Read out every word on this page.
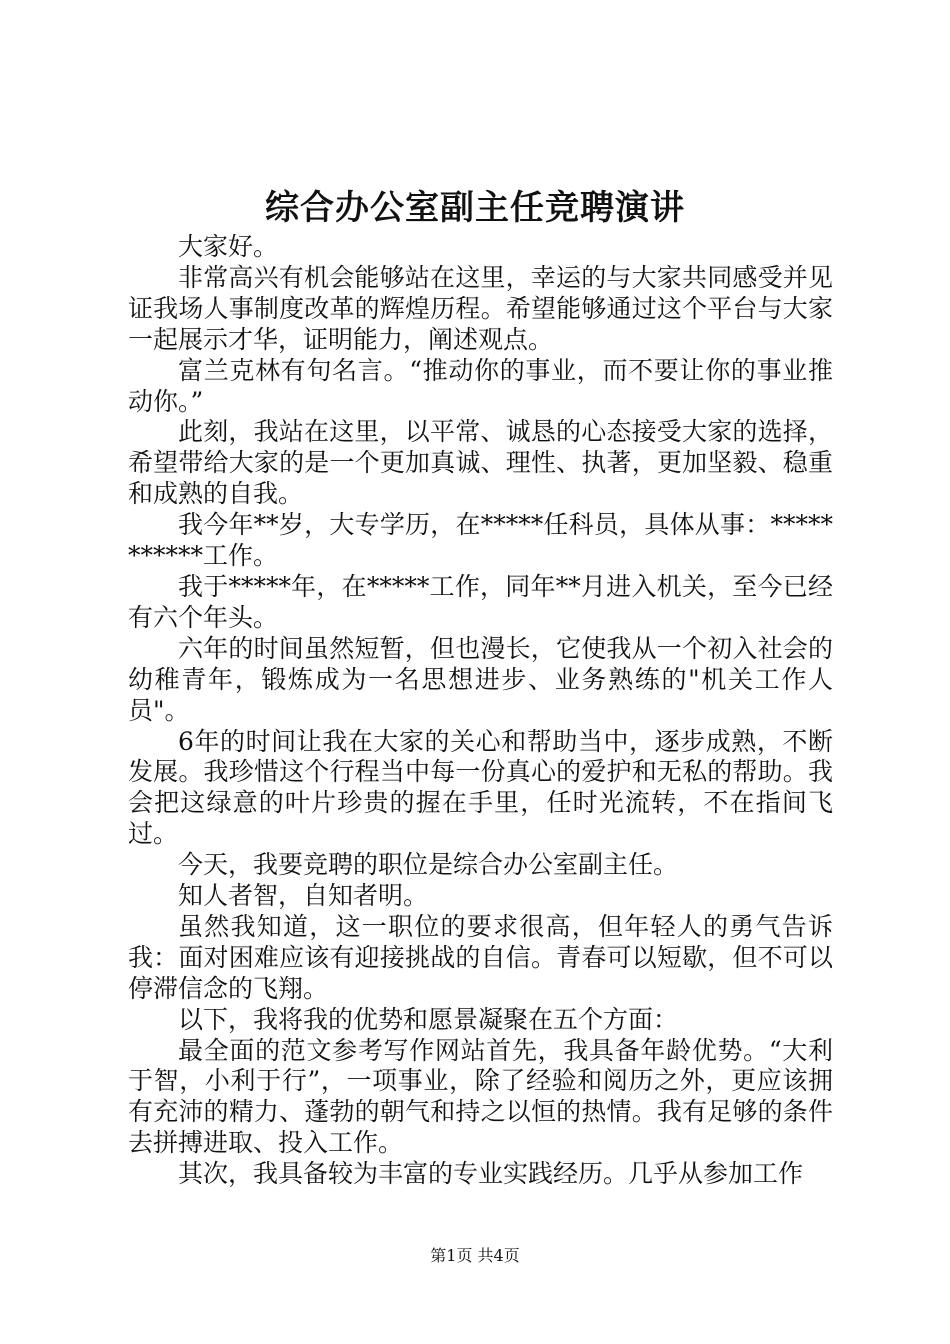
综合办公室副主任竞聘演讲

大家好。

非常高兴有机会能够站在这里，幸运的与大家共同感受并见证我场人事制度改革的辉煌历程。希望能够通过这个平台与大家一起展示才华，证明能力，阐述观点。

富兰克林有句名言。“推动你的事业，而不要让你的事业推动你。”

此刻，我站在这里，以平常、诚恳的心态接受大家的选择，希望带给大家的是一个更加真诚、理性、执著，更加坚毅、稳重和成熟的自我。

我今年**岁，大专学历，在*****任科员，具体从事：***********工作。

我于*****年，在*****工作，同年**月进入机关，至今已经有六个年头。

六年的时间虽然短暂，但也漫长，它使我从一个初入社会的幼稚青年，锻炼成为一名思想进步、业务熟练的"机关工作人员"。

6年的时间让我在大家的关心和帮助当中，逐步成熟，不断发展。我珍惜这个行程当中每一份真心的爱护和无私的帮助。我会把这绿意的叶片珍贵的握在手里，任时光流转，不在指间飞过。

今天，我要竞聘的职位是综合办公室副主任。

知人者智，自知者明。

虽然我知道，这一职位的要求很高，但年轻人的勇气告诉我：面对困难应该有迎接挑战的自信。青春可以短歇，但不可以停滞信念的飞翔。

以下，我将我的优势和愿景凝聚在五个方面：

最全面的范文参考写作网站首先，我具备年龄优势。“大利于智，小利于行”，一项事业，除了经验和阅历之外，更应该拥有充沛的精力、蓬勃的朝气和持之以恒的热情。我有足够的条件去拼搏进取、投入工作。

其次，我具备较为丰富的专业实践经历。几乎从参加工作

第1页 共4页
